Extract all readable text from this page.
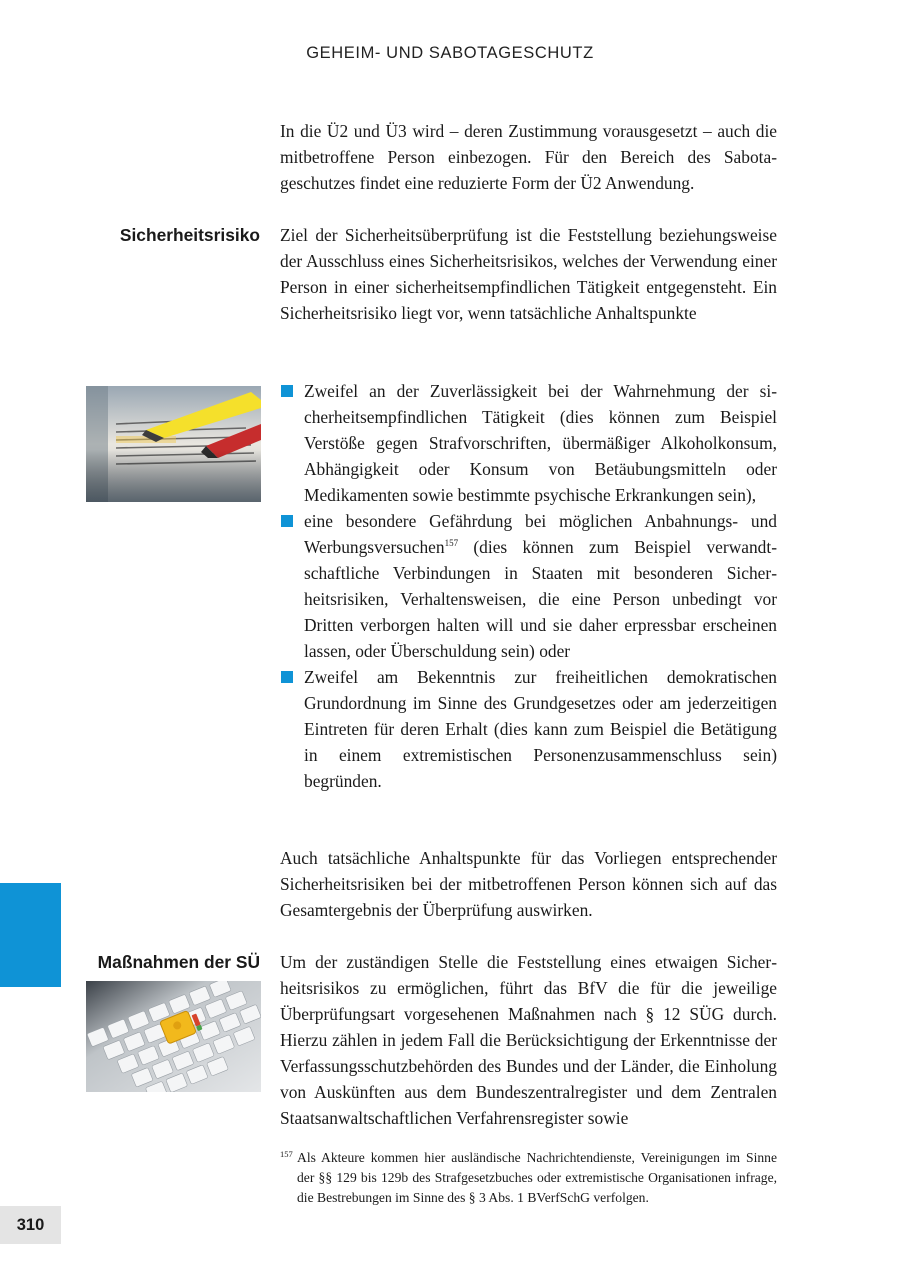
GEHEIM- UND SABOTAGESCHUTZ

In die Ü2 und Ü3 wird – deren Zustimmung vorausgesetzt – auch die mitbetroffene Person einbezogen. Für den Bereich des Sabotageschutzes findet eine reduzierte Form der Ü2 Anwendung.

Sicherheitsrisiko Ziel der Sicherheitsüberprüfung ist die Feststellung beziehungsweise der Ausschluss eines Sicherheitsrisikos, welches der Verwendung einer Person in einer sicherheitsempfindlichen Tätigkeit entgegensteht. Ein Sicherheitsrisiko liegt vor, wenn tatsächliche Anhaltspunkte

Zweifel an der Zuverlässigkeit bei der Wahrnehmung der sicherheitsempfindlichen Tätigkeit (dies können zum Beispiel Verstöße gegen Strafvorschriften, übermäßiger Alkoholkonsum, Abhängigkeit oder Konsum von Betäubungsmitteln oder Medikamenten sowie bestimmte psychische Erkrankungen sein),
eine besondere Gefährdung bei möglichen Anbahnungs- und Werbungsversuchen$^{157}$ (dies können zum Beispiel verwandtschaftliche Verbindungen in Staaten mit besonderen Sicherheitsrisiken, Verhaltensweisen, die eine Person unbedingt vor Dritten verborgen halten will und sie daher erpressbar erscheinen lassen, oder Überschuldung sein) oder
Zweifel am Bekenntnis zur freiheitlichen demokratischen Grundordnung im Sinne des Grundgesetzes oder am jederzeitigen Eintreten für deren Erhalt (dies kann zum Beispiel die Betätigung in einem extremistischen Personenzusammenschluss sein) begründen.

Auch tatsächliche Anhaltspunkte für das Vorliegen entsprechender Sicherheitsrisiken bei der mitbetroffenen Person können sich auf das Gesamtergebnis der Überprüfung auswirken.

Maßnahmen der SÜ Um der zuständigen Stelle die Feststellung eines etwaigen Sicherheitsrisikos zu ermöglichen, führt das BfV die für die jeweilige Überprüfungsart vorgesehenen Maßnahmen nach § 12 SÜG durch. Hierzu zählen in jedem Fall die Berücksichtigung der Erkenntnisse der Verfassungsschutzbehörden des Bundes und der Länder, die Einholung von Auskünften aus dem Bundeszentralregister und dem Zentralen Staatsanwaltschaftlichen Verfahrensregister sowie

157 Als Akteure kommen hier ausländische Nachrichtendienste, Vereinigungen im Sinne der §§ 129 bis 129b des Strafgesetzbuches oder extremistische Organisationen infrage, die Bestrebungen im Sinne des § 3 Abs. 1 BVerfSchG verfolgen.
310
